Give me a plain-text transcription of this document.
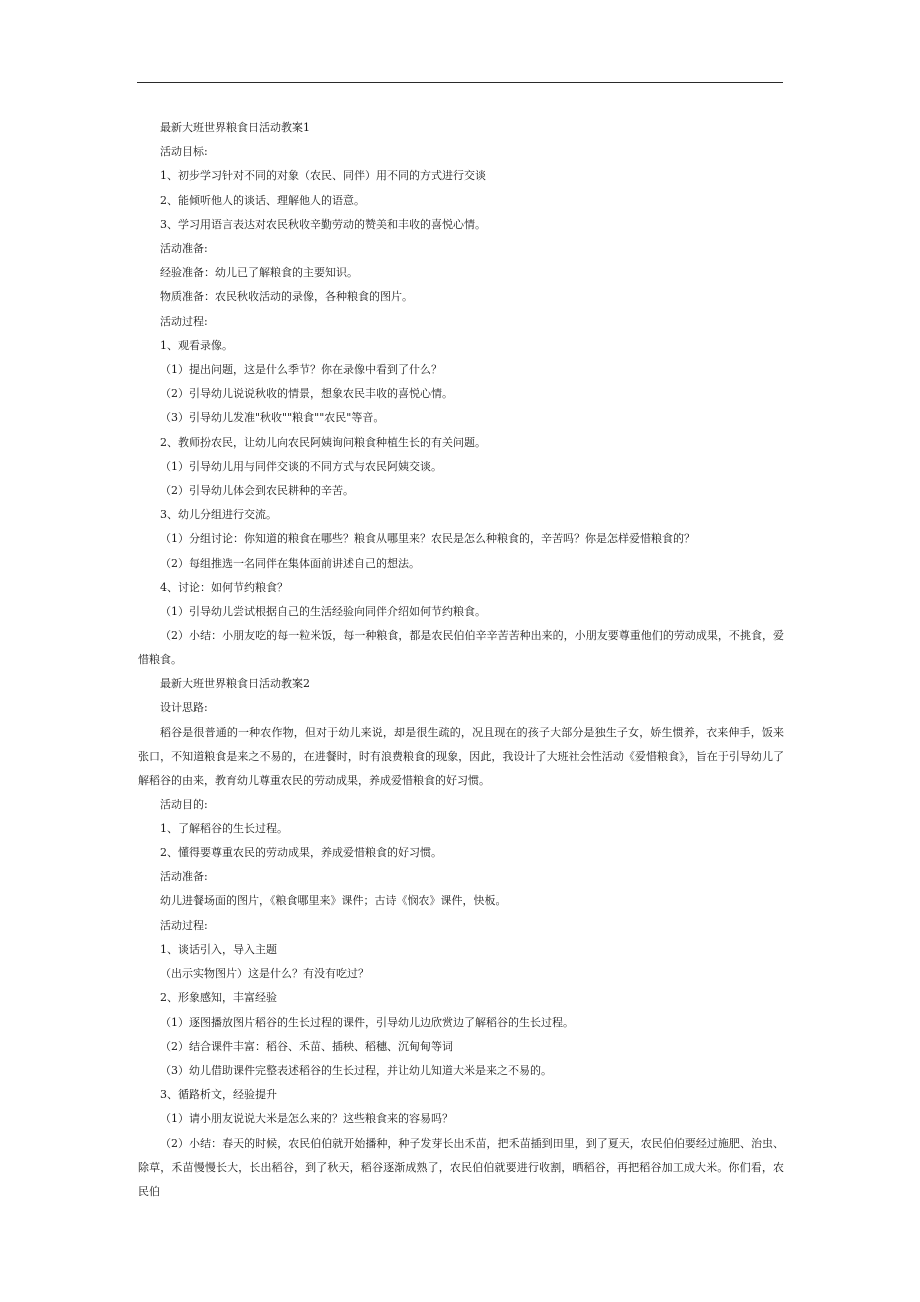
最新大班世界粮食日活动教案1

活动目标:

1、初步学习针对不同的对象（农民、同伴）用不同的方式进行交谈

2、能倾听他人的谈话、理解他人的语意。

3、学习用语言表达对农民秋收辛勤劳动的赞美和丰收的喜悦心情。

活动准备:

经验准备：幼儿已了解粮食的主要知识。

物质准备：农民秋收活动的录像，各种粮食的图片。

活动过程:

1、观看录像。

（1）提出问题，这是什么季节？你在录像中看到了什么？

（2）引导幼儿说说秋收的情景，想象农民丰收的喜悦心情。

（3）引导幼儿发准"秋收""粮食""农民"等音。

2、教师扮农民，让幼儿向农民阿姨询问粮食种植生长的有关问题。

（1）引导幼儿用与同伴交谈的不同方式与农民阿姨交谈。

（2）引导幼儿体会到农民耕种的辛苦。

3、幼儿分组进行交流。

（1）分组讨论：你知道的粮食在哪些？粮食从哪里来？农民是怎么种粮食的，辛苦吗？你是怎样爱惜粮食的？

（2）每组推选一名同伴在集体面前讲述自己的想法。

4、讨论：如何节约粮食？

（1）引导幼儿尝试根据自己的生活经验向同伴介绍如何节约粮食。

（2）小结：小朋友吃的每一粒米饭，每一种粮食，都是农民伯伯辛辛苦苦种出来的，小朋友要尊重他们的劳动成果，不挑食，爱惜粮食。

最新大班世界粮食日活动教案2

设计思路:

稻谷是很普通的一种农作物，但对于幼儿来说，却是很生疏的，况且现在的孩子大部分是独生子女，娇生惯养，衣来伸手，饭来张口，不知道粮食是来之不易的，在进餐时，时有浪费粮食的现象，因此，我设计了大班社会性活动《爱惜粮食》，旨在于引导幼儿了解稻谷的由来，教育幼儿尊重农民的劳动成果，养成爱惜粮食的好习惯。

活动目的:

1、了解稻谷的生长过程。

2、懂得要尊重农民的劳动成果，养成爱惜粮食的好习惯。

活动准备:

幼儿进餐场面的图片，《粮食哪里来》课件；古诗《悯农》课件，快板。

活动过程:

1、谈话引入，导入主题

（出示实物图片）这是什么？有没有吃过？

2、形象感知，丰富经验

（1）逐图播放图片稻谷的生长过程的课件，引导幼儿边欣赏边了解稻谷的生长过程。

（2）结合课件丰富：稻谷、禾苗、插秧、稻穗、沉甸甸等词

（3）幼儿借助课件完整表述稻谷的生长过程，并让幼儿知道大米是来之不易的。

3、循路析文，经验提升

（1）请小朋友说说大米是怎么来的？这些粮食来的容易吗？

（2）小结：春天的时候，农民伯伯就开始播种，种子发芽长出禾苗，把禾苗插到田里，到了夏天，农民伯伯要经过施肥、治虫、除草，禾苗慢慢长大，长出稻谷，到了秋天，稻谷逐渐成熟了，农民伯伯就要进行收割，晒稻谷，再把稻谷加工成大米。你们看，农民伯
